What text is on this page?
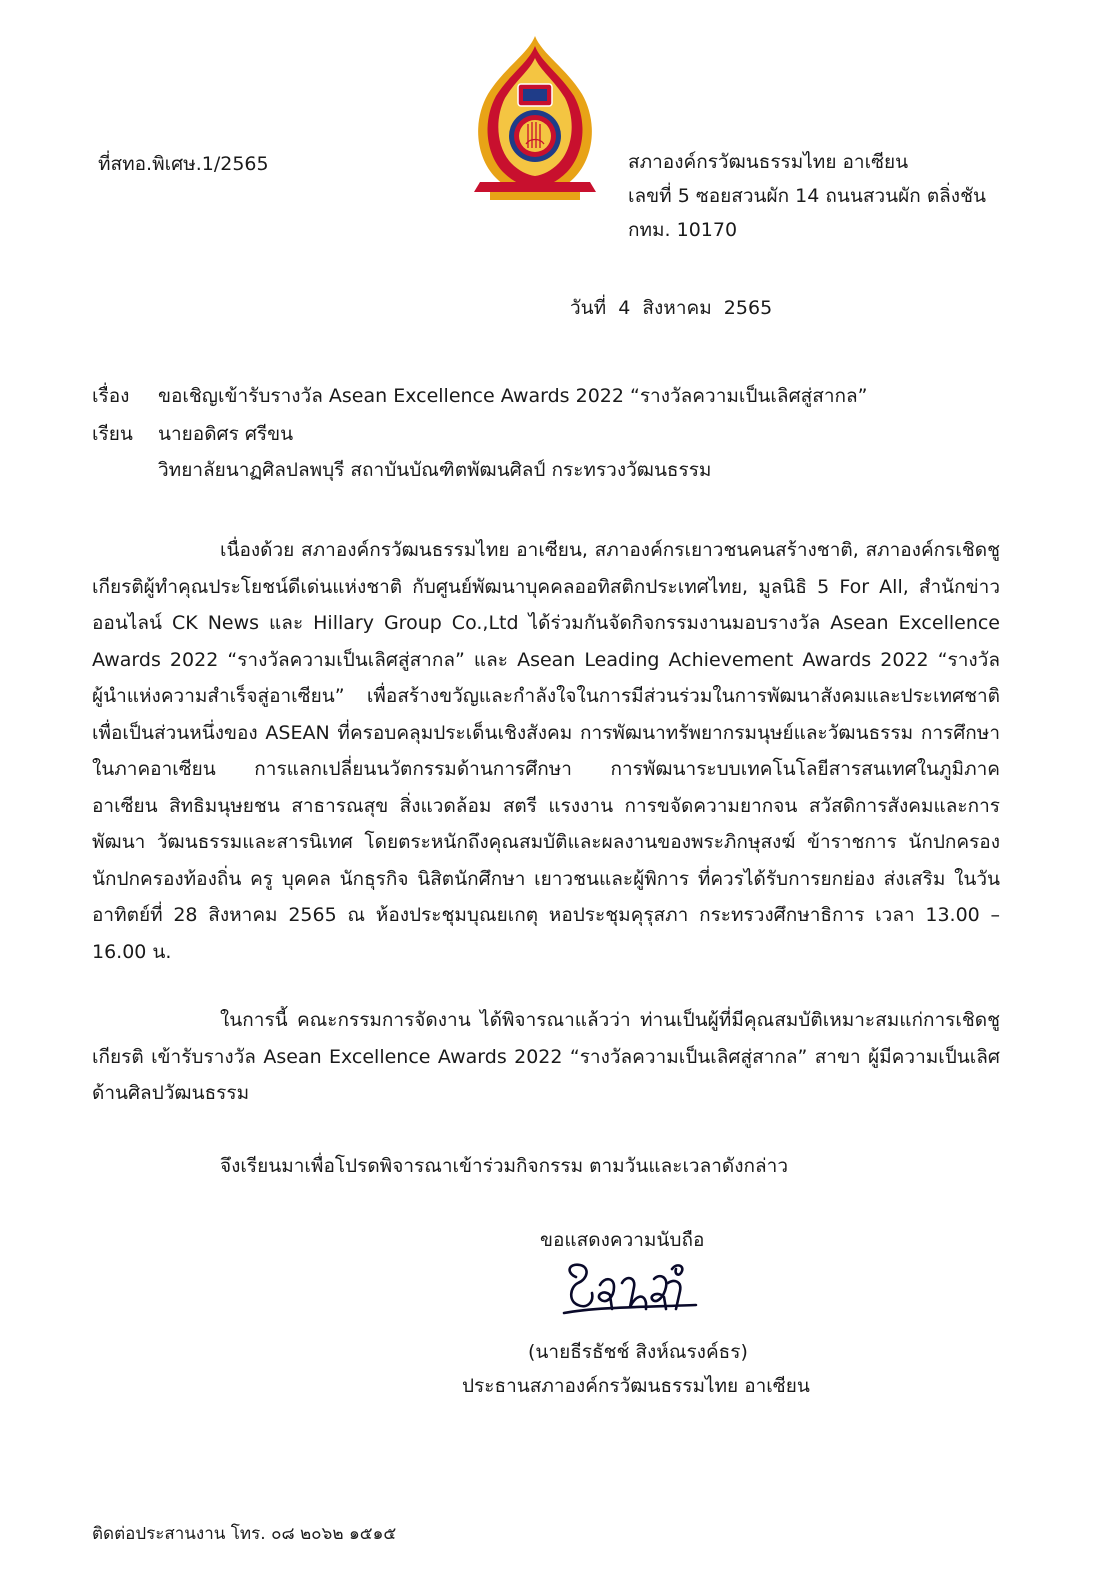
ที่สทอ.พิเศษ.1/2565	สภาองค์กรวัฒนธรรมไทย อาเซียน
เลขที่ 5 ซอยสวนผัก 14 ถนนสวนผัก ตลิ่งชัน
กทม. 10170
วันที่  4  สิงหาคม  2565
เรื่อง ขอเชิญเข้ารับรางวัล Asean Excellence Awards 2022 “รางวัลความเป็นเลิศสู่สากล”
เรียน นายอดิศร ศรีขน
วิทยาลัยนาฏศิลปลพบุรี สถาบันบัณฑิตพัฒนศิลป์ กระทรวงวัฒนธรรม
เนื่องด้วย สภาองค์กรวัฒนธรรมไทย อาเซียน, สภาองค์กรเยาวชนคนสร้างชาติ, สภาองค์กรเชิดชูเกียรติผู้ทำคุณประโยชน์ดีเด่นแห่งชาติ กับศูนย์พัฒนาบุคคลออทิสติกประเทศไทย, มูลนิธิ 5 For All, สำนักข่าวออนไลน์ CK News และ Hillary Group Co.,Ltd ได้ร่วมกันจัดกิจกรรมงานมอบรางวัล Asean Excellence Awards 2022 “รางวัลความเป็นเลิศสู่สากล” และ Asean Leading Achievement Awards 2022 “รางวัลผู้นำแห่งความสำเร็จสู่อาเซียน” เพื่อสร้างขวัญและกำลังใจในการมีส่วนร่วมในการพัฒนาสังคมและประเทศชาติ เพื่อเป็นส่วนหนึ่งของ ASEAN ที่ครอบคลุมประเด็นเชิงสังคม การพัฒนาทรัพยากรมนุษย์และวัฒนธรรม การศึกษาในภาคอาเซียน การแลกเปลี่ยนนวัตกรรมด้านการศึกษา การพัฒนาระบบเทคโนโลยีสารสนเทศในภูมิภาคอาเซียน สิทธิมนุษยชน สาธารณสุข สิ่งแวดล้อม สตรี แรงงาน การขจัดความยากจน สวัสดิการสังคมและการพัฒนา วัฒนธรรมและสารนิเทศ โดยตระหนักถึงคุณสมบัติและผลงานของพระภิกษุสงฆ์ ข้าราชการ นักปกครอง นักปกครองท้องถิ่น ครู บุคคล นักธุรกิจ นิสิตนักศึกษา เยาวชนและผู้พิการ ที่ควรได้รับการยกย่อง ส่งเสริม ในวันอาทิตย์ที่ 28 สิงหาคม 2565 ณ ห้องประชุมบุณยเกตุ หอประชุมคุรุสภา กระทรวงศึกษาธิการ เวลา 13.00 – 16.00 น.
ในการนี้ คณะกรรมการจัดงาน ได้พิจารณาแล้วว่า ท่านเป็นผู้ที่มีคุณสมบัติเหมาะสมแก่การเชิดชูเกียรติ เข้ารับรางวัล Asean Excellence Awards 2022 “รางวัลความเป็นเลิศสู่สากล” สาขา ผู้มีความเป็นเลิศด้านศิลปวัฒนธรรม
จึงเรียนมาเพื่อโปรดพิจารณาเข้าร่วมกิจกรรม ตามวันและเวลาดังกล่าว
ขอแสดงความนับถือ
(นายธีรธัชช์ สิงห์ณรงค์ธร)
ประธานสภาองค์กรวัฒนธรรมไทย อาเซียน
ติดต่อประสานงาน โทร. ๐๘ ๒๐๖๒ ๑๕๑๕
